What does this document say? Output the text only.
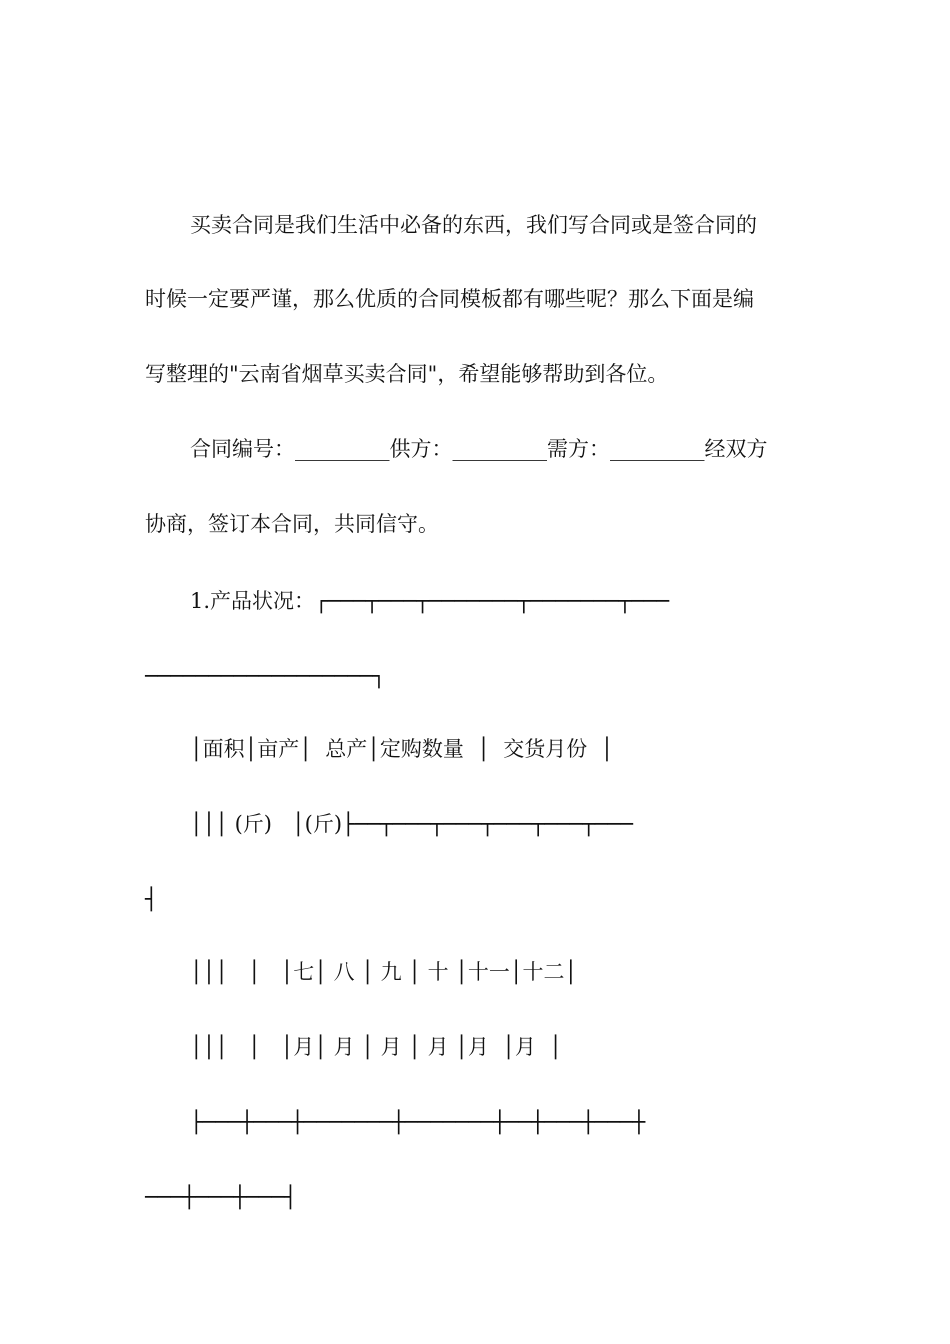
买卖合同是我们生活中必备的东西，我们写合同或是签合同的
时候一定要严谨，那么优质的合同模板都有哪些呢？那么下面是编
写整理的"云南省烟草买卖合同"，希望能够帮助到各位。
合同编号：_________供方：_________需方：_________经双方
协商，签订本合同，共同信守。
1.产品状况：┌───┬───┬───────┬───────┬───
──────────────────┐
│面积│亩产│  总产│定购数量  │  交货月份  │
│││ (斤)   │(斤)├──┬───┬───┬───┬───┬───
┤
│││   │   │七│ 八 │ 九 │ 十 │十一│十二│
│││   │   │月│ 月 │ 月 │ 月 │月  │月  │
├───┼───┼───────┼───────┼──┼───┼───┼
───┼───┼───┤
